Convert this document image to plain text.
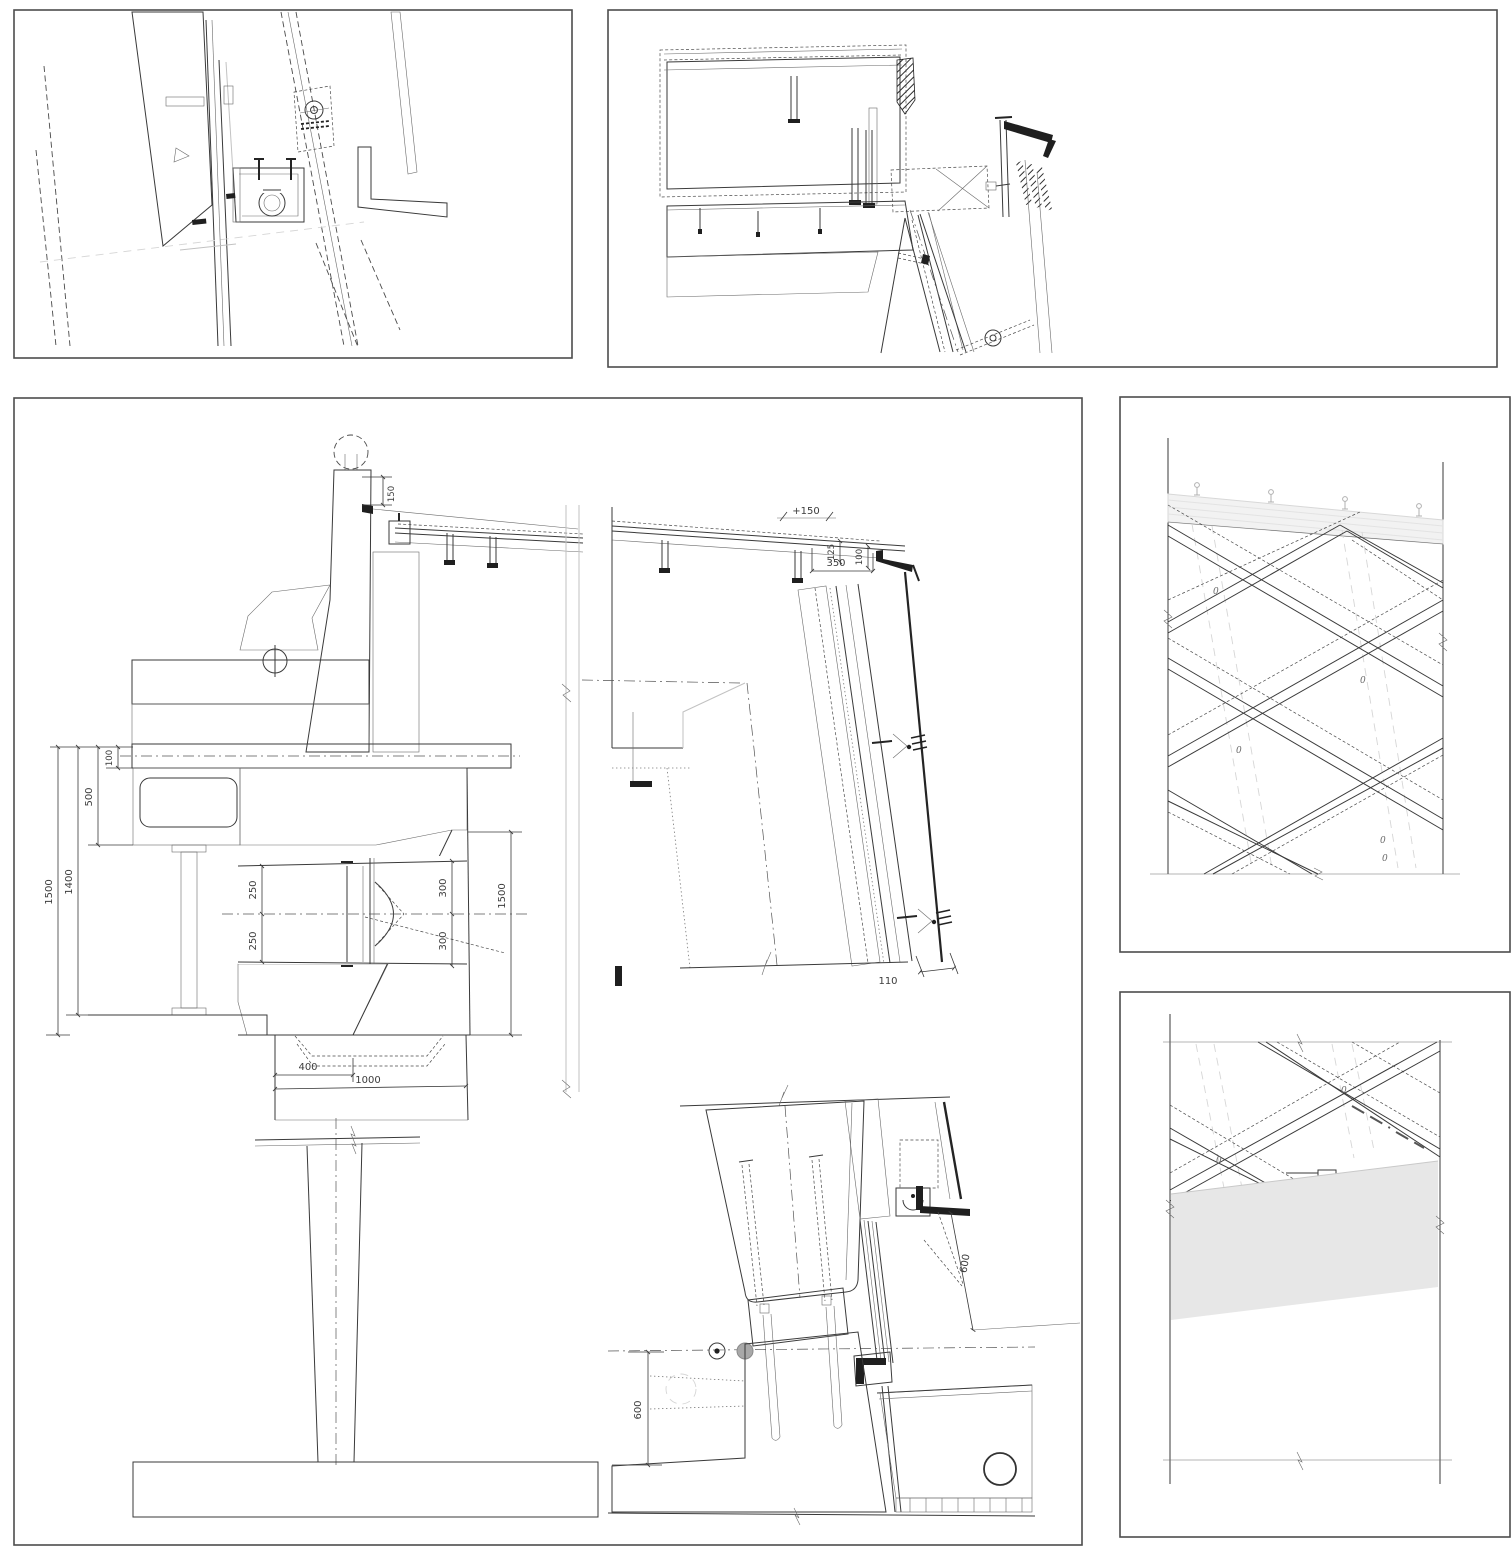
150
250
250
300
300
1500
100
500
1400
1500
400
1000
+150
125 100
350
110
600
600
0
0
0
0
0
0
0
